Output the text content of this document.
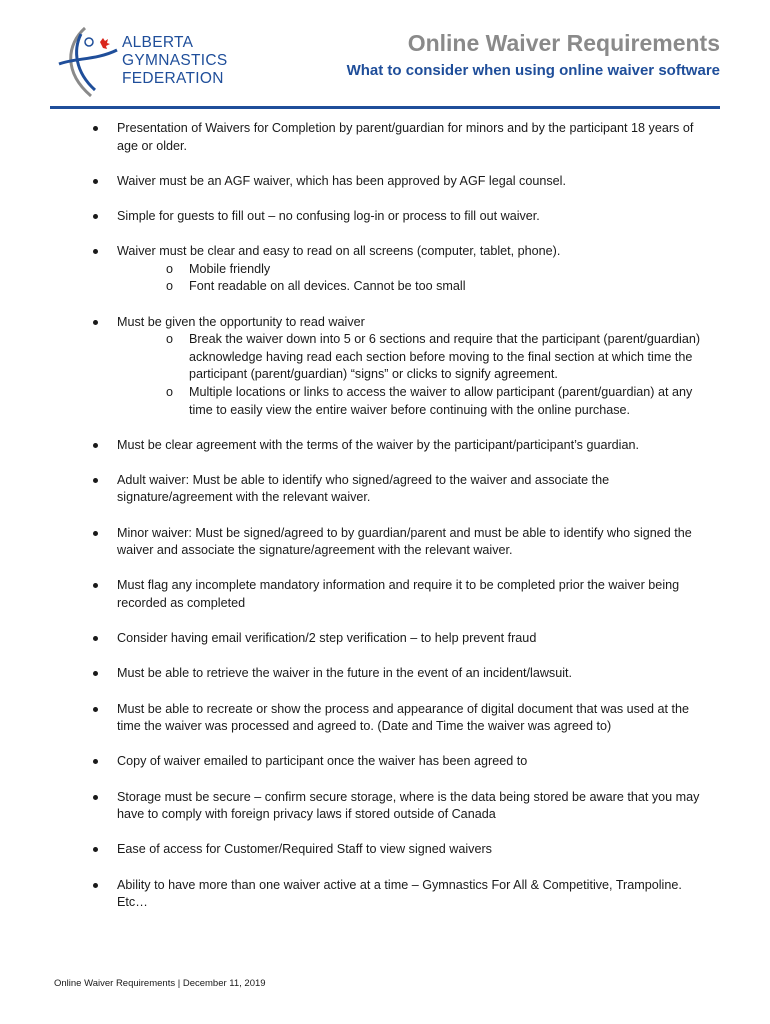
ALBERTA
GYMNASTICS
FEDERATION
Online Waiver Requirements
What to consider when using online waiver software
Presentation of Waivers for Completion by parent/guardian for minors and by the participant 18 years of age or older.
Waiver must be an AGF waiver, which has been approved by AGF legal counsel.
Simple for guests to fill out – no confusing log-in or process to fill out waiver.
Waiver must be clear and easy to read on all screens (computer, tablet, phone).
o Mobile friendly
o Font readable on all devices. Cannot be too small
Must be given the opportunity to read waiver
o Break the waiver down into 5 or 6 sections and require that the participant (parent/guardian) acknowledge having read each section before moving to the final section at which time the participant (parent/guardian) “signs” or clicks to signify agreement.
o Multiple locations or links to access the waiver to allow participant (parent/guardian) at any time to easily view the entire waiver before continuing with the online purchase.
Must be clear agreement with the terms of the waiver by the participant/participant’s guardian.
Adult waiver: Must be able to identify who signed/agreed to the waiver and associate the signature/agreement with the relevant waiver.
Minor waiver: Must be signed/agreed to by guardian/parent and must be able to identify who signed the waiver and associate the signature/agreement with the relevant waiver.
Must flag any incomplete mandatory information and require it to be completed prior the waiver being recorded as completed
Consider having email verification/2 step verification – to help prevent fraud
Must be able to retrieve the waiver in the future in the event of an incident/lawsuit.
Must be able to recreate or show the process and appearance of digital document that was used at the time the waiver was processed and agreed to. (Date and Time the waiver was agreed to)
Copy of waiver emailed to participant once the waiver has been agreed to
Storage must be secure – confirm secure storage, where is the data being stored be aware that you may have to comply with foreign privacy laws if stored outside of Canada
Ease of access for Customer/Required Staff to view signed waivers
Ability to have more than one waiver active at a time – Gymnastics For All & Competitive, Trampoline. Etc…
Online Waiver Requirements | December 11, 2019
